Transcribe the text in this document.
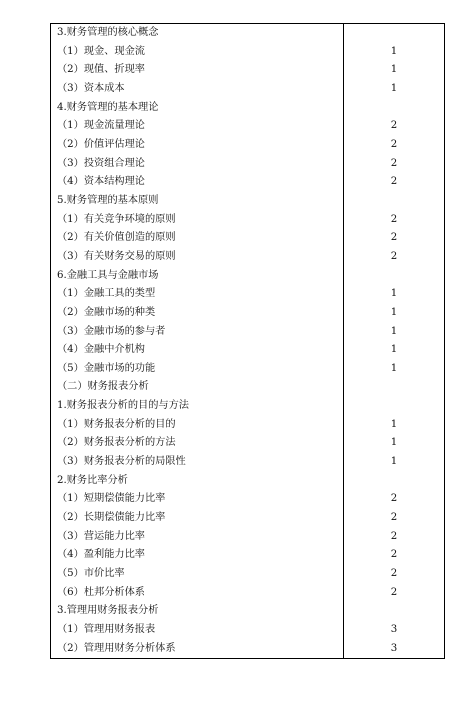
3.财务管理的核心概念	
（1）现金、现金流	1
（2）现值、折现率	1
（3）资本成本	1
4.财务管理的基本理论	
（1）现金流量理论	2
（2）价值评估理论	2
（3）投资组合理论	2
（4）资本结构理论	2
5.财务管理的基本原则	
（1）有关竞争环境的原则	2
（2）有关价值创造的原则	2
（3）有关财务交易的原则	2
6.金融工具与金融市场	
（1）金融工具的类型	1
（2）金融市场的种类	1
（3）金融市场的参与者	1
（4）金融中介机构	1
（5）金融市场的功能	1
（二）财务报表分析	
1.财务报表分析的目的与方法	
（1）财务报表分析的目的	1
（2）财务报表分析的方法	1
（3）财务报表分析的局限性	1
2.财务比率分析	
（1）短期偿债能力比率	2
（2）长期偿债能力比率	2
（3）营运能力比率	2
（4）盈利能力比率	2
（5）市价比率	2
（6）杜邦分析体系	2
3.管理用财务报表分析	
（1）管理用财务报表	3
（2）管理用财务分析体系	3
